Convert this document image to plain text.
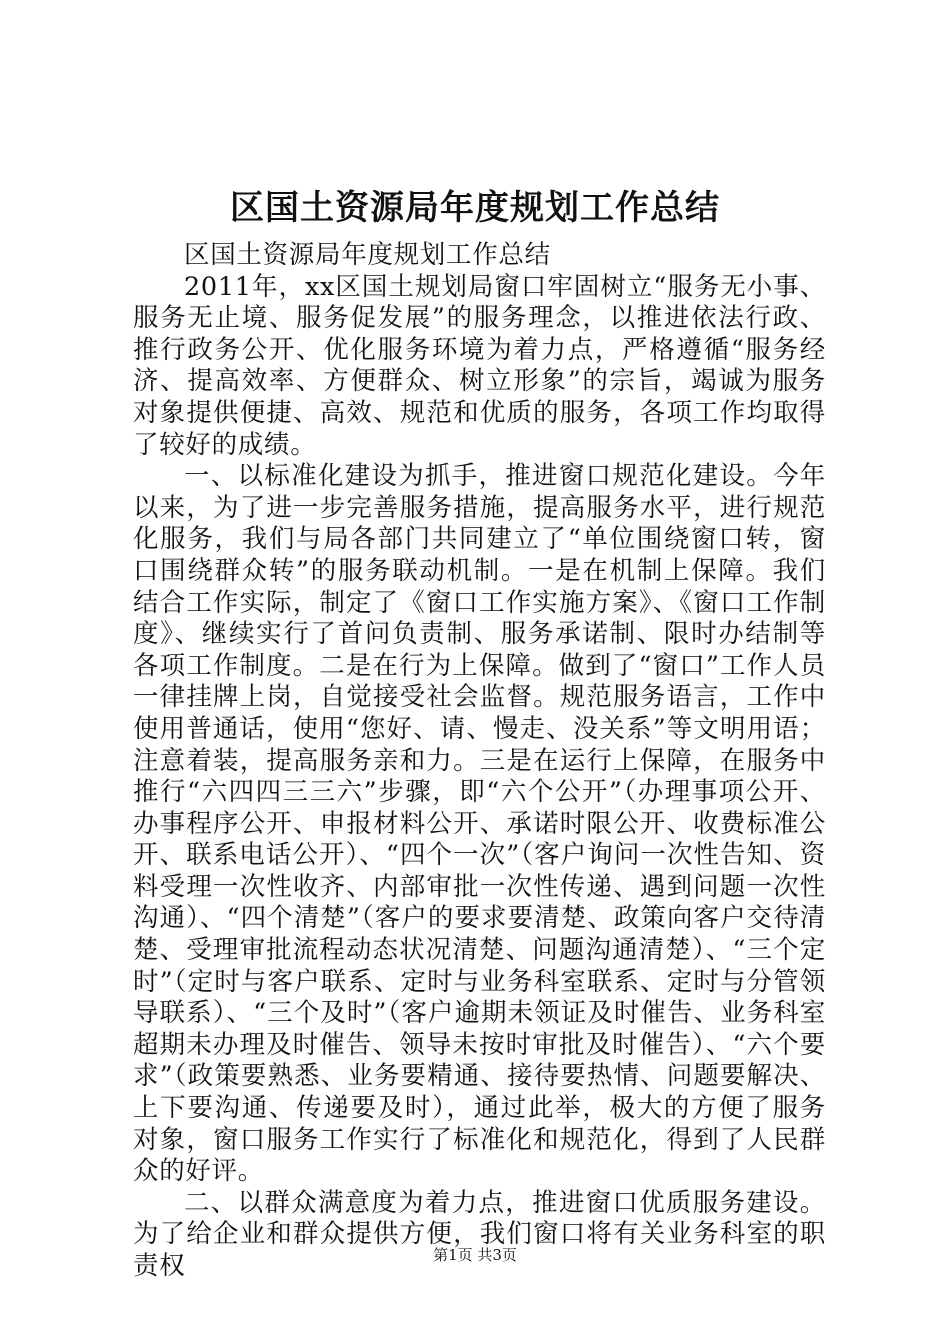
区国土资源局年度规划工作总结

区国土资源局年度规划工作总结

2011年，xx区国土规划局窗口牢固树立“服务无小事、服务无止境、服务促发展”的服务理念，以推进依法行政、推行政务公开、优化服务环境为着力点，严格遵循“服务经济、提高效率、方便群众、树立形象”的宗旨，竭诚为服务对象提供便捷、高效、规范和优质的服务，各项工作均取得了较好的成绩。

一、以标准化建设为抓手，推进窗口规范化建设。今年以来，为了进一步完善服务措施，提高服务水平，进行规范化服务，我们与局各部门共同建立了“单位围绕窗口转，窗口围绕群众转”的服务联动机制。一是在机制上保障。我们结合工作实际，制定了《窗口工作实施方案》、《窗口工作制度》、继续实行了首问负责制、服务承诺制、限时办结制等各项工作制度。二是在行为上保障。做到了“窗口”工作人员一律挂牌上岗，自觉接受社会监督。规范服务语言，工作中使用普通话，使用“您好、请、慢走、没关系”等文明用语；注意着装，提高服务亲和力。三是在运行上保障，在服务中推行“六四四三三六”步骤，即“六个公开”（办理事项公开、办事程序公开、申报材料公开、承诺时限公开、收费标准公开、联系电话公开）、“四个一次”（客户询问一次性告知、资料受理一次性收齐、内部审批一次性传递、遇到问题一次性沟通）、“四个清楚”（客户的要求要清楚、政策向客户交待清楚、受理审批流程动态状况清楚、问题沟通清楚）、“三个定时”（定时与客户联系、定时与业务科室联系、定时与分管领导联系）、“三个及时”（客户逾期未领证及时催告、业务科室超期未办理及时催告、领导未按时审批及时催告）、“六个要求”（政策要熟悉、业务要精通、接待要热情、问题要解决、上下要沟通、传递要及时），通过此举，极大的方便了服务对象，窗口服务工作实行了标准化和规范化，得到了人民群众的好评。

二、以群众满意度为着力点，推进窗口优质服务建设。为了给企业和群众提供方便，我们窗口将有关业务科室的职责权	第1页 共3页
